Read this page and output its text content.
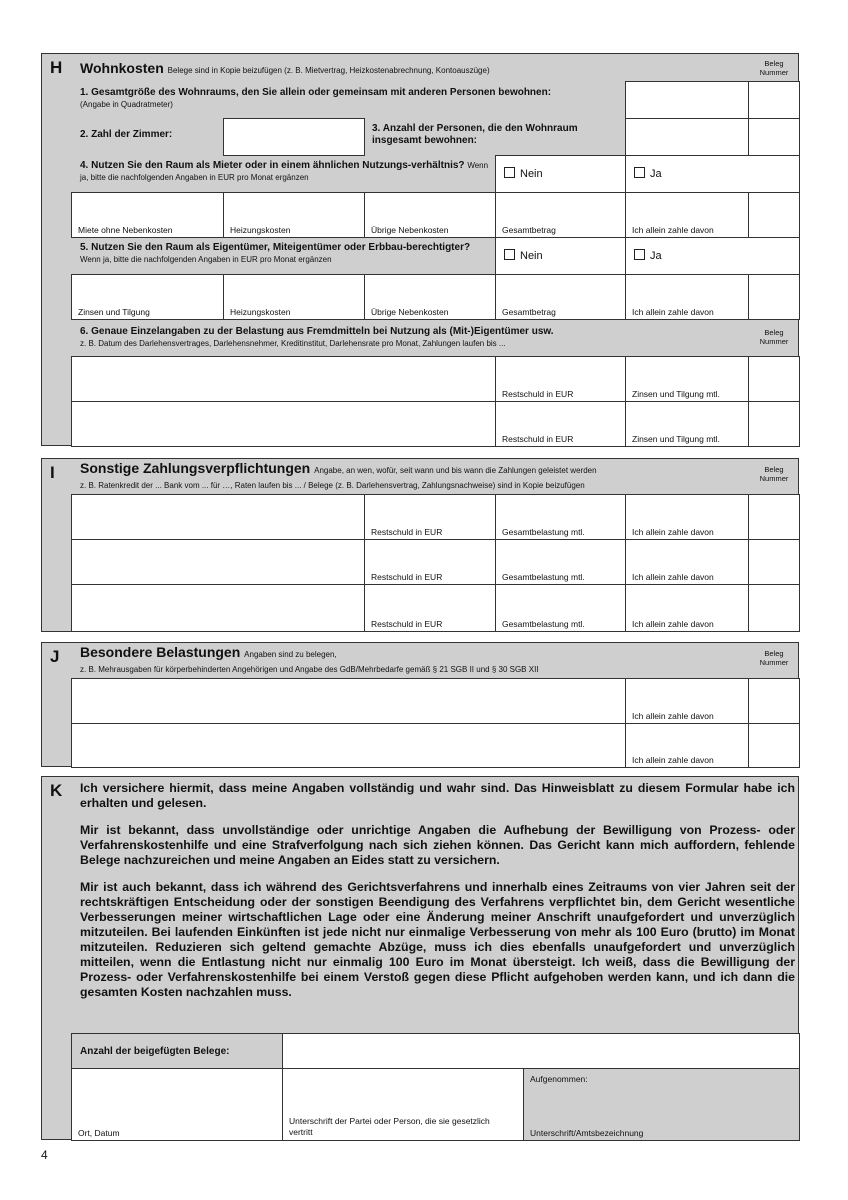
H Wohnkosten Belege sind in Kopie beizufügen (z. B. Mietvertrag, Heizkostenabrechnung, Kontoauszüge)
Beleg
Nummer
1. Gesamtgröße des Wohnraums, den Sie allein oder gemeinsam mit anderen Personen bewohnen:
(Angabe in Quadratmeter)
2. Zahl der Zimmer:
3. Anzahl der Personen, die den Wohnraum insgesamt bewohnen:
4. Nutzen Sie den Raum als Mieter oder in einem ähnlichen Nutzungs-verhältnis? Wenn ja, bitte die nachfolgenden Angaben in EUR pro Monat ergänzen	Nein	Ja
Miete ohne Nebenkosten	Heizungskosten	Übrige Nebenkosten	Gesamtbetrag	Ich allein zahle davon
5. Nutzen Sie den Raum als Eigentümer, Miteigentümer oder Erbbau-berechtigter? Wenn ja, bitte die nachfolgenden Angaben in EUR pro Monat ergänzen	Nein	Ja
Zinsen und Tilgung	Heizungskosten	Übrige Nebenkosten	Gesamtbetrag	Ich allein zahle davon
6. Genaue Einzelangaben zu der Belastung aus Fremdmitteln bei Nutzung als (Mit-)Eigentümer usw.
z. B. Datum des Darlehensvertrages, Darlehensnehmer, Kreditinstitut, Darlehensrate pro Monat, Zahlungen laufen bis ...
Beleg
Nummer
Restschuld in EUR	Zinsen und Tilgung mtl.
Restschuld in EUR	Zinsen und Tilgung mtl.
I Sonstige Zahlungsverpflichtungen Angabe, an wen, wofür, seit wann und bis wann die Zahlungen geleistet werden
z. B. Ratenkredit der ... Bank vom ... für …, Raten laufen bis ... / Belege (z. B. Darlehensvertrag, Zahlungsnachweise) sind in Kopie beizufügen
Beleg
Nummer
Restschuld in EUR	Gesamtbelastung mtl.	Ich allein zahle davon
Restschuld in EUR	Gesamtbelastung mtl.	Ich allein zahle davon
Restschuld in EUR	Gesamtbelastung mtl.	Ich allein zahle davon
J Besondere Belastungen Angaben sind zu belegen,
z. B. Mehrausgaben für körperbehinderten Angehörigen und Angabe des GdB/Mehrbedarfe gemäß § 21 SGB II und § 30 SGB XII
Beleg
Nummer
Ich allein zahle davon
Ich allein zahle davon
K Ich versichere hiermit, dass meine Angaben vollständig und wahr sind. Das Hinweisblatt zu diesem Formular habe ich erhalten und gelesen.
Mir ist bekannt, dass unvollständige oder unrichtige Angaben die Aufhebung der Bewilligung von Prozess- oder Verfahrenskostenhilfe und eine Strafverfolgung nach sich ziehen können. Das Gericht kann mich auffordern, fehlende Belege nachzureichen und meine Angaben an Eides statt zu versichern.
Mir ist auch bekannt, dass ich während des Gerichtsverfahrens und innerhalb eines Zeitraums von vier Jahren seit der rechtskräftigen Entscheidung oder der sonstigen Beendigung des Verfahrens verpflichtet bin, dem Gericht wesentliche Verbesserungen meiner wirtschaftlichen Lage oder eine Änderung meiner Anschrift unaufgefordert und unverzüglich mitzuteilen. Bei laufenden Einkünften ist jede nicht nur einmalige Verbesserung von mehr als 100 Euro (brutto) im Monat mitzuteilen. Reduzieren sich geltend gemachte Abzüge, muss ich dies ebenfalls unaufgefordert und unverzüglich mitteilen, wenn die Entlastung nicht nur einmalig 100 Euro im Monat übersteigt. Ich weiß, dass die Bewilligung der Prozess- oder Verfahrenskostenhilfe bei einem Verstoß gegen diese Pflicht aufgehoben werden kann, und ich dann die gesamten Kosten nachzahlen muss.
Anzahl der beigefügten Belege:
Ort, Datum
Unterschrift der Partei oder Person, die sie gesetzlich vertritt
Aufgenommen:
Unterschrift/Amtsbezeichnung
4
